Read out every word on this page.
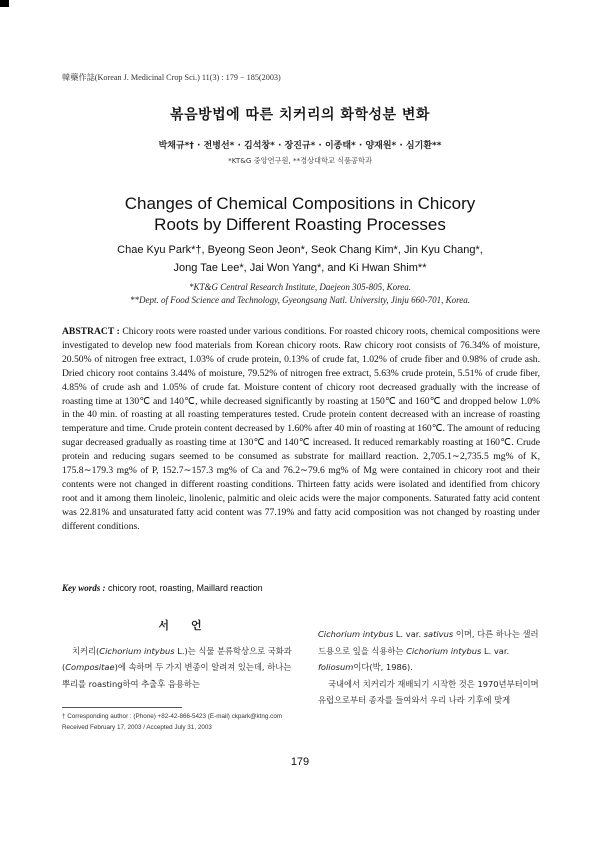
韓藥作誌(Korean J. Medicinal Crop Sci.) 11(3) : 179 − 185(2003)
볶음방법에 따른 치커리의 화학성분 변화
박채규*† · 전병선* · 김석창* · 장진규* · 이종태* · 양재원* · 심기환**
*KT&G 중앙연구원, **경상대학교 식품공학과
Changes of Chemical Compositions in Chicory
Roots by Different Roasting Processes
Chae Kyu Park*†, Byeong Seon Jeon*, Seok Chang Kim*, Jin Kyu Chang*,
Jong Tae Lee*, Jai Won Yang*, and Ki Hwan Shim**
*KT&G Central Research Institute, Daejeon 305-805, Korea.
**Dept. of Food Science and Technology, Gyeongsang Natl. University, Jinju 660-701, Korea.
ABSTRACT : Chicory roots were roasted under various conditions. For roasted chicory roots, chemical compositions were investigated to develop new food materials from Korean chicory roots. Raw chicory root consists of 76.34% of moisture, 20.50% of nitrogen free extract, 1.03% of crude protein, 0.13% of crude fat, 1.02% of crude fiber and 0.98% of crude ash. Dried chicory root contains 3.44% of moisture, 79.52% of nitrogen free extract, 5.63% crude protein, 5.51% of crude fiber, 4.85% of crude ash and 1.05% of crude fat. Moisture content of chicory root decreased gradually with the increase of roasting time at 130℃ and 140℃, while decreased significantly by roasting at 150℃ and 160℃ and dropped below 1.0% in the 40 min. of roasting at all roasting temperatures tested. Crude protein content decreased with an increase of roasting temperature and time. Crude protein content decreased by 1.60% after 40 min of roasting at 160℃. The amount of reducing sugar decreased gradually as roasting time at 130℃ and 140℃ increased. It reduced remarkably roasting at 160℃. Crude protein and reducing sugars seemed to be consumed as substrate for maillard reaction. 2,705.1∼2,735.5 mg% of K, 175.8∼179.3 mg% of P, 152.7∼157.3 mg% of Ca and 76.2∼79.6 mg% of Mg were contained in chicory root and their contents were not changed in different roasting conditions. Thirteen fatty acids were isolated and identified from chicory root and it among them linoleic, linolenic, palmitic and oleic acids were the major components. Saturated fatty acid content was 22.81% and unsaturated fatty acid content was 77.19% and fatty acid composition was not changed by roasting under different conditions.
Key words : chicory root, roasting, Maillard reaction
서언

치커리(Cichorium intybus L.)는 식물 분류학상으로 국화과(Compositae)에 속하며 두 가지 변종이 알려져 있는데, 하나는 뿌리를 roasting하여 추출후 음용하는

Cichorium intybus L. var. sativus 이며, 다른 하나는 샐러드용으로 잎을 식용하는 Cichorium intybus L. var. foliosum이다(박, 1986).

국내에서 치커리가 재배되기 시작한 것은 1970년부터이며 유럽으로부터 종자를 들여와서 우리 나라 기후에 맞게

† Corresponding author : (Phone) +82-42-866-5423 (E-mail) ckpark@ktng.com
Received February 17, 2003 / Accepted July 31, 2003
179
